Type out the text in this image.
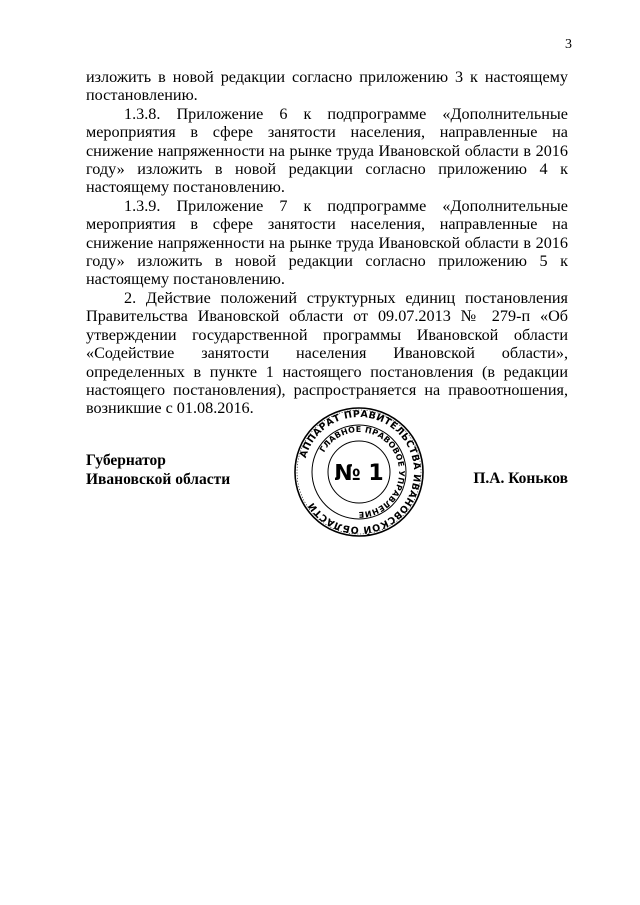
3

изложить в новой редакции согласно приложению 3 к настоящему постановлению.

1.3.8. Приложение 6 к подпрограмме «Дополнительные мероприятия в сфере занятости населения, направленные на снижение напряженности на рынке труда Ивановской области в 2016 году» изложить в новой редакции согласно приложению 4 к настоящему постановлению.

1.3.9. Приложение 7 к подпрограмме «Дополнительные мероприятия в сфере занятости населения, направленные на снижение напряженности на рынке труда Ивановской области в 2016 году» изложить в новой редакции согласно приложению 5 к настоящему постановлению.

2. Действие положений структурных единиц постановления Правительства Ивановской области от 09.07.2013 № 279-п «Об утверждении государственной программы Ивановской области «Содействие занятости населения Ивановской области», определенных в пункте 1 настоящего постановления (в редакции настоящего постановления), распространяется на правоотношения, возникшие с 01.08.2016.

Губернатор
Ивановской области
АППАРАТ ПРАВИТЕЛЬСТВА ИВАНОВСКОЙ ОБЛАСТИ
ГЛАВНОЕ ПРАВОВОЕ УПРАВЛЕНИЕ
№ 1	П.А. Коньков
